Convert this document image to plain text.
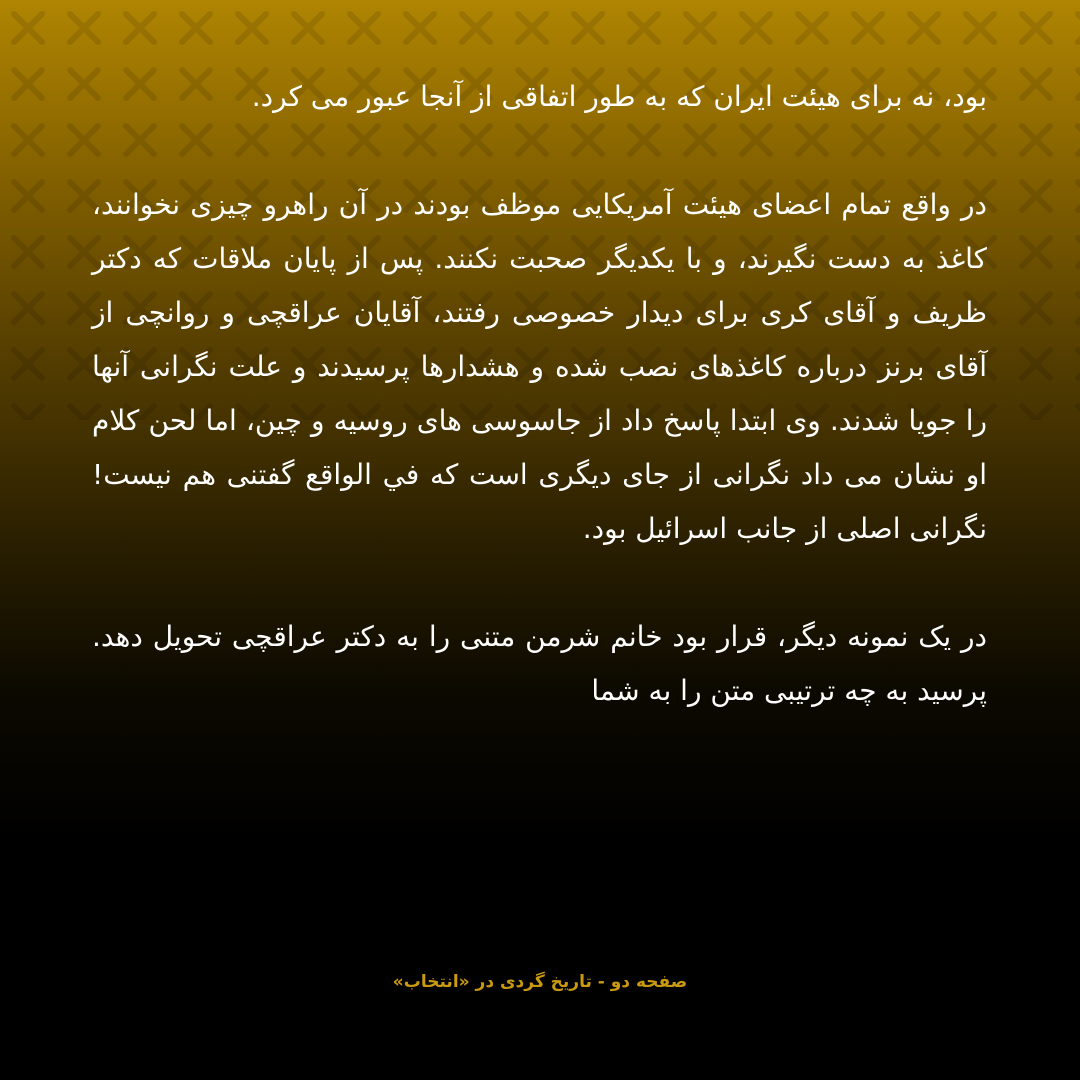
بود، نه برای هیئت ایران که به طور اتفاقی از آنجا عبور می کرد.

در واقع تمام اعضای هیئت آمریکایی موظف بودند در آن راهرو چیزی نخوانند، کاغذ به دست نگیرند، و با یکدیگر صحبت نکنند. پس از پایان ملاقات که دکتر ظریف و آقای کری برای دیدار خصوصی رفتند، آقایان عراقچی و روانچی از آقای برنز درباره کاغذهای نصب شده و هشدارها پرسیدند و علت نگرانی آنها را جویا شدند. وی ابتدا پاسخ داد از جاسوسی های روسیه و چین، اما لحن کلام او نشان می داد نگرانی از جای دیگری است که في الواقع گفتنی هم نیست! نگرانی اصلی از جانب اسرائیل بود.

در یک نمونه دیگر، قرار بود خانم شرمن متنی را به دکتر عراقچی تحویل دهد. پرسید به چه ترتیبی متن را به شما

صفحه دو - تاریخ گردی در «انتخاب»
